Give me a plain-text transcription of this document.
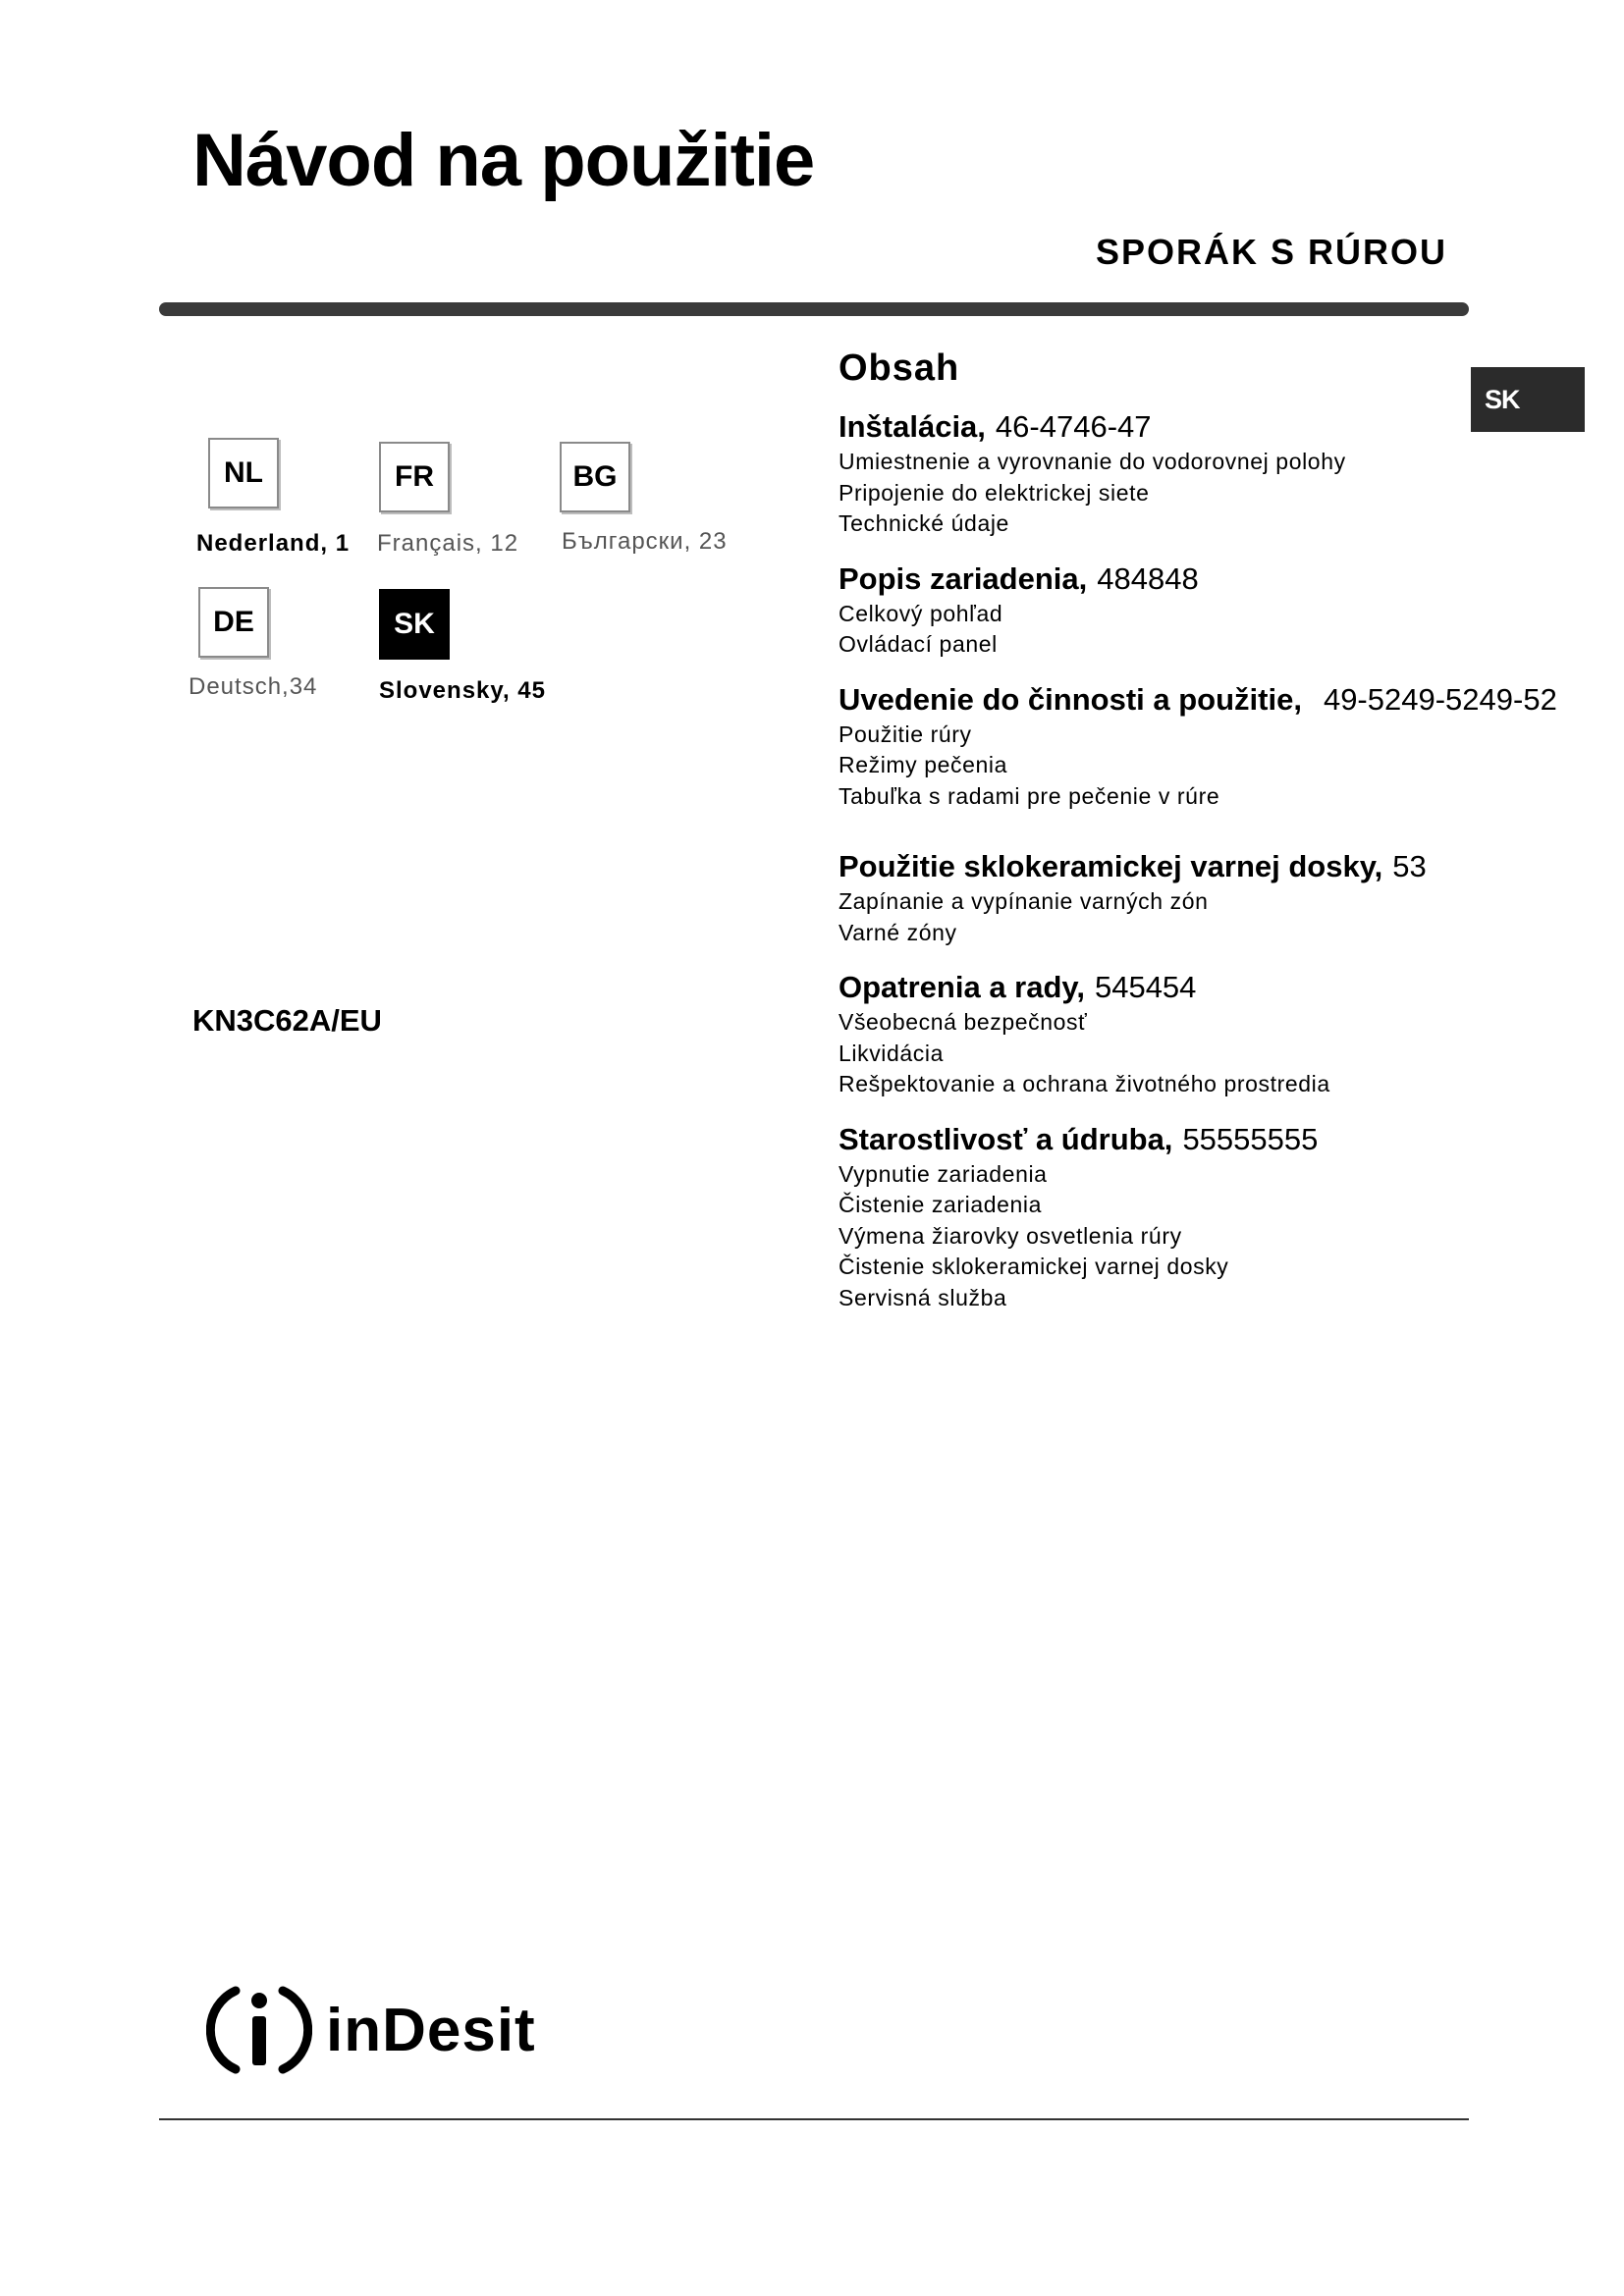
Návod na použitie
SPORÁK S RÚROU
SK
NL
Nederland, 1
FR
Français, 12
BG
Български, 23
DE
Deutsch,34
SK
Slovensky, 45
KN3C62A/EU
Obsah
Inštalácia, 46-4746-47
Umiestnenie a vyrovnanie do vodorovnej polohy
Pripojenie do elektrickej siete
Technické údaje
Popis zariadenia, 484848
Celkový pohľad
Ovládací panel
Uvedenie do činnosti a použitie, 49-5249-5249-52
Použitie rúry
Režimy pečenia
Tabuľka s radami pre pečenie v rúre
Použitie sklokeramickej varnej dosky, 53
Zapínanie a vypínanie varných zón
Varné zóny
Opatrenia a rady, 545454
Všeobecná bezpečnosť
Likvidácia
Rešpektovanie a ochrana životného prostredia
Starostlivosť a údruba, 55555555
Vypnutie zariadenia
Čistenie zariadenia
Výmena žiarovky osvetlenia rúry
Čistenie sklokeramickej varnej dosky
Servisná služba
inDesit
